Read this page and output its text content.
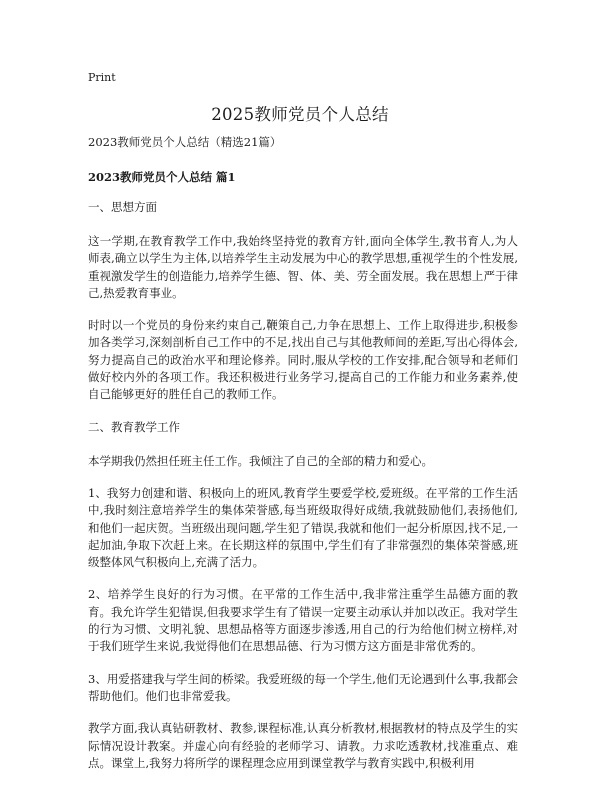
Print
2025教师党员个人总结
2023教师党员个人总结（精选21篇）
2023教师党员个人总结 篇1
一、思想方面

这一学期,在教育教学工作中,我始终坚持党的教育方针,面向全体学生,教书育人,为人师表,确立以学生为主体,以培养学生主动发展为中心的教学思想,重视学生的个性发展,重视激发学生的创造能力,培养学生德、智、体、美、劳全面发展。我在思想上严于律己,热爱教育事业。

时时以一个党员的身份来约束自己,鞭策自己,力争在思想上、工作上取得进步,积极参加各类学习,深刻剖析自己工作中的不足,找出自己与其他教师间的差距,写出心得体会,努力提高自己的政治水平和理论修养。同时,服从学校的工作安排,配合领导和老师们做好校内外的各项工作。我还积极进行业务学习,提高自己的工作能力和业务素养,使自己能够更好的胜任自己的教师工作。

二、教育教学工作

本学期我仍然担任班主任工作。我倾注了自己的全部的精力和爱心。

1、我努力创建和谐、积极向上的班风,教育学生要爱学校,爱班级。在平常的工作生活中,我时刻注意培养学生的集体荣誉感,每当班级取得好成绩,我就鼓励他们,表扬他们,和他们一起庆贺。当班级出现问题,学生犯了错误,我就和他们一起分析原因,找不足,一起加油,争取下次赶上来。在长期这样的氛围中,学生们有了非常强烈的集体荣誉感,班级整体风气积极向上,充满了活力。

2、培养学生良好的行为习惯。在平常的工作生活中,我非常注重学生品德方面的教育。我允许学生犯错误,但我要求学生有了错误一定要主动承认并加以改正。我对学生的行为习惯、文明礼貌、思想品格等方面逐步渗透,用自己的行为给他们树立榜样,对于我们班学生来说,我觉得他们在思想品德、行为习惯方这方面是非常优秀的。

3、用爱搭建我与学生间的桥梁。我爱班级的每一个学生,他们无论遇到什么事,我都会帮助他们。他们也非常爱我。

教学方面,我认真钻研教材、教参,课程标准,认真分析教材,根据教材的特点及学生的实际情况设计教案。并虚心向有经验的老师学习、请教。力求吃透教材,找准重点、难点。课堂上,我努力将所学的课程理念应用到课堂教学与教育实践中,积极利用
